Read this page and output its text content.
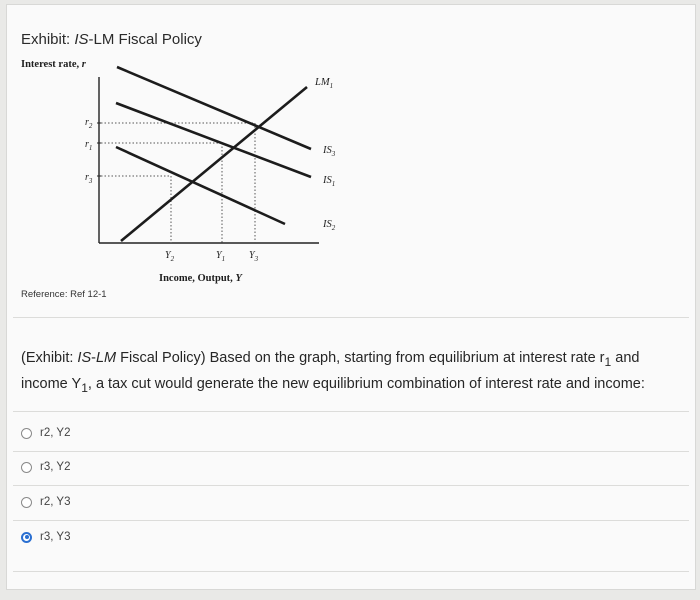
Exhibit: IS-LM Fiscal Policy
Interest rate, r
$r_2$
$r_1$
$r_3$
$LM_1$
$IS_3$
$IS_1$
$IS_2$
$Y_2$	$Y_1$ $Y_3$
Income, Output, Y
Reference: Ref 12-1
(Exhibit: IS-LM Fiscal Policy) Based on the graph, starting from equilibrium at interest rate $r_1$ and income $Y_1$, a tax cut would generate the new equilibrium combination of interest rate and income:
r2, Y2
r3, Y2
r2, Y3
r3, Y3
